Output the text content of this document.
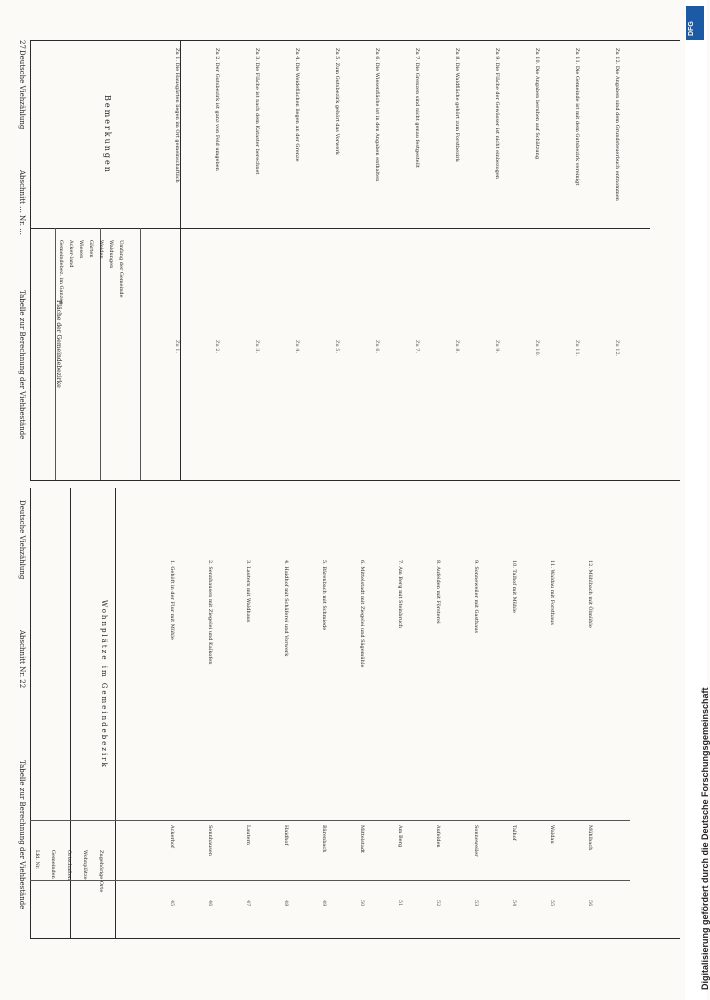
Deutsche Viehzählung
Abschnitt ... Nr. ...
Tabelle zur Berechnung der Viehbestände
27
Bemerkungen
Fläche der Gemeindebezirke
Zu 1. Die Hausgärten liegen im Ort gemeinschaftlich
Zu 1.
Zu 2. Der Gutsbezirk ist ganz von Feld umgeben
Zu 2.
Zu 3. Die Fläche ist nach dem Kataster berechnet
Zu 3.
Zu 4. Die Weideflächen liegen an der Grenze
Zu 4.
Zu 5. Zum Gutsbezirk gehört das Vorwerk
Zu 5.
Zu 6. Die Wiesenfläche ist in den Angaben enthalten
Zu 6.
Zu 7. Die Grenzen sind nicht genau festgestellt
Zu 7.
Zu 8. Die Waldfläche gehört zum Forstbezirk
Zu 8.
Zu 9. Die Fläche der Gewässer ist nicht einbezogen
Zu 9.
Zu 10. Die Angaben beruhen auf Schätzung
Zu 10.
Zu 11. Die Gemeinde ist mit dem Gutsbezirk vereinigt
Zu 11.
Zu 12. Die Angaben sind dem Grundsteuerbuch entnommen
Zu 12.
Gemeindebez. im Ganzen Acker-land Wiesen Gärten Weiden Waldungen Umfang der Gemeinde
Deutsche Viehzählung
Abschnitt Nr. 22
Tabelle zur Berechnung der Viehbestände
Wohnplätze im Gemeindebezirk
Lfd. Nr. Gemeinden Ortschaften Wohnplätze Zugehörige Orte
1. Gehöft in der Flur mit Mühle
Ackerhof
45
2. Sennhausen mit Ziegelei und Kalkofen
Sennhausen
46
3. Lautern mit Waldhaus
Lautern
47
4. Haidhof mit Schäferei und Vorwerk
Haidhof
48
5. Bärenbach mit Schmiede
Bärenbach
49
6. Mittelstadt mit Ziegelei und Sägemühle
Mittelstadt
50
7. Am Berg mit Steinbruch
Am Berg
51
8. Aufelden mit Försterei
Aufelden
52
9. Sonneweiler mit Gasthaus
Sonneweiler
53
10. Talhof mit Mühle
Talhof
54
11. Waldau mit Forsthaus
Waldau
55
12. Mühlbach mit Ölmühle
Mühlbach
56
DFG
Digitalisierung gefördert durch die Deutsche Forschungsgemeinschaft
